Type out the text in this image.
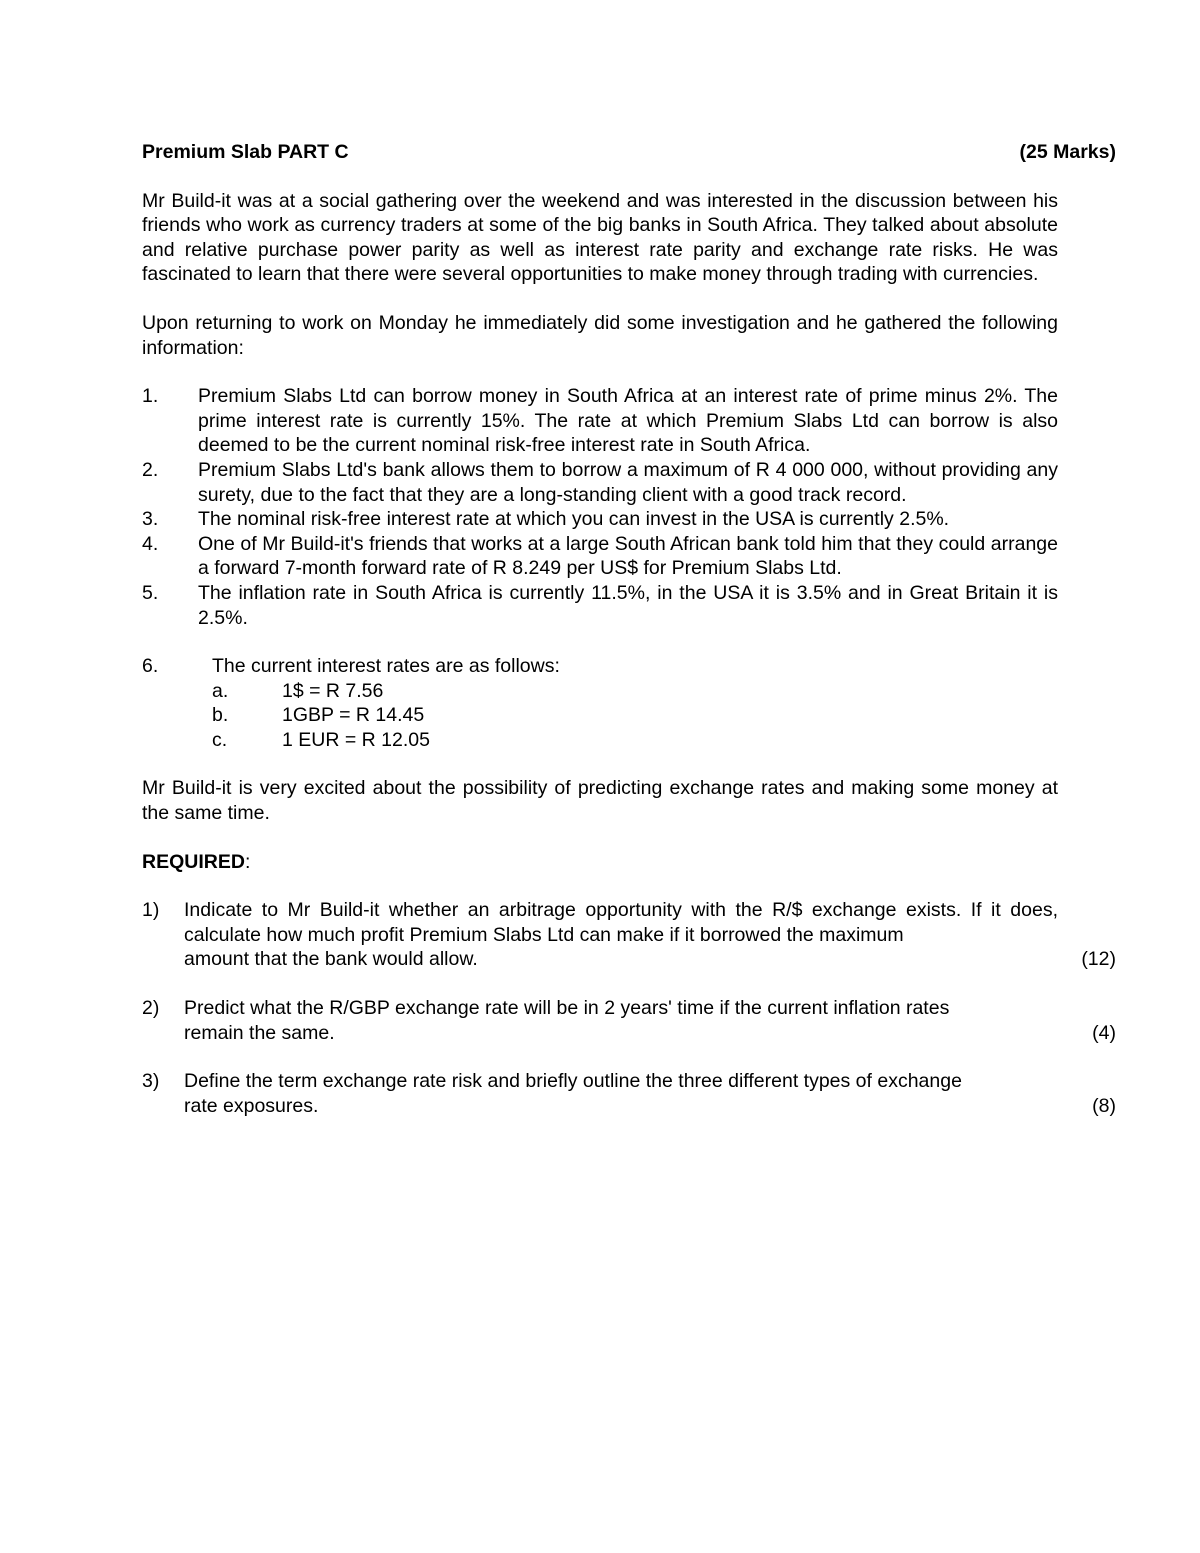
Premium Slab PART C	(25 Marks)
Mr Build-it was at a social gathering over the weekend and was interested in the discussion between his friends who work as currency traders at some of the big banks in South Africa. They talked about absolute and relative purchase power parity as well as interest rate parity and exchange rate risks. He was fascinated to learn that there were several opportunities to make money through trading with currencies.
Upon returning to work on Monday he immediately did some investigation and he gathered the following information:
1.	Premium Slabs Ltd can borrow money in South Africa at an interest rate of prime minus 2%. The prime interest rate is currently 15%. The rate at which Premium Slabs Ltd can borrow is also deemed to be the current nominal risk-free interest rate in South Africa.
2.	Premium Slabs Ltd's bank allows them to borrow a maximum of R 4 000 000, without providing any surety, due to the fact that they are a long-standing client with a good track record.
3.	The nominal risk-free interest rate at which you can invest in the USA is currently 2.5%.
4.	One of Mr Build-it's friends that works at a large South African bank told him that they could arrange a forward 7-month forward rate of R 8.249 per US$ for Premium Slabs Ltd.
5.	The inflation rate in South Africa is currently 11.5%, in the USA it is 3.5% and in Great Britain it is 2.5%.
6.	The current interest rates are as follows:
a.	1$ = R 7.56
b.	1GBP = R 14.45
c.	1 EUR = R 12.05
Mr Build-it is very excited about the possibility of predicting exchange rates and making some money at the same time.
REQUIRED:
1)	Indicate to Mr Build-it whether an arbitrage opportunity with the R/$ exchange exists. If it does, calculate how much profit Premium Slabs Ltd can make if it borrowed the maximum
amount that the bank would allow.	(12)
2)	Predict what the R/GBP exchange rate will be in 2 years' time if the current inflation rates
remain the same.	(4)
3)	Define the term exchange rate risk and briefly outline the three different types of exchange
rate exposures.	(8)
